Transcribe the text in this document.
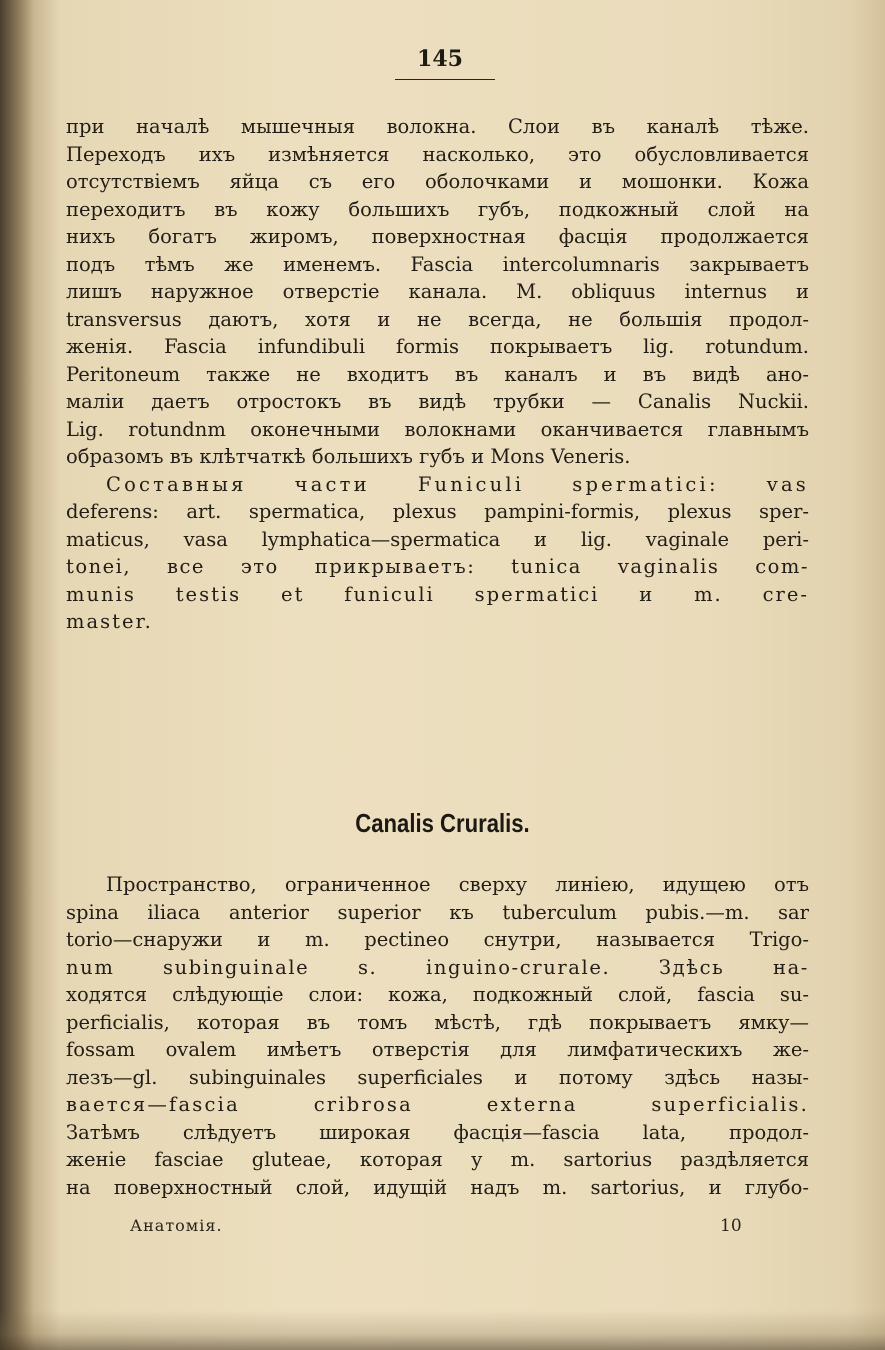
145
при началѣ мышечныя волокна. Слои въ каналѣ тѣже.
Переходъ ихъ измѣняется насколько, это обусловливается
отсутствіемъ яйца съ его оболочками и мошонки. Кожа
переходитъ въ кожу большихъ губъ, подкожный слой на
нихъ богатъ жиромъ, поверхностная фасція продолжается
подъ тѣмъ же именемъ. Fascia intercolumnaris закрываетъ
лишъ наружное отверстіе канала. M. obliquus internus и
transversus даютъ, хотя и не всегда, не большія продол-
женія. Fascia infundibuli formis покрываетъ lig. rotundum.
Peritoneum также не входитъ въ каналъ и въ видѣ ано-
маліи даетъ отростокъ въ видѣ трубки — Canalis Nuckii.
Lig. rotundnm оконечными волокнами оканчивается главнымъ
образомъ въ клѣтчаткѣ большихъ губъ и Mons Veneris.
Составныя части Funiculi spermatici: vas
deferens: art. spermatica, plexus pampini-formis, plexus sper-
maticus, vasa lymphatica—spermatica и lig. vaginale peri-
tonei, все это прикрываетъ: tunica vaginalis com-
munis testis et funiculi spermatici и m. cre-
master.
Canalis Cruralis.
Пространство, ограниченное сверху линіею, идущею отъ
spina iliaca anterior superior къ tuberculum pubis.—m. sar
torio—снаружи и m. pectineo снутри, называется Trigo-
num subinguinale s. inguino-crurale. Здѣсь на-
ходятся слѣдующіе слои: кожа, подкожный слой, fascia su-
perficialis, которая въ томъ мѣстѣ, гдѣ покрываетъ ямку—
fossam ovalem имѣетъ отверстія для лимфатическихъ же-
лезъ—gl. subinguinales superficiales и потому здѣсь назы-
вается—fascia cribrosa externa superficialis.
Затѣмъ слѣдуетъ широкая фасція—fascia lata, продол-
женіе fasciae gluteae, которая у m. sartorius раздѣляется
на поверхностный слой, идущій надъ m. sartorius, и глубо-
Анатомія.	10
